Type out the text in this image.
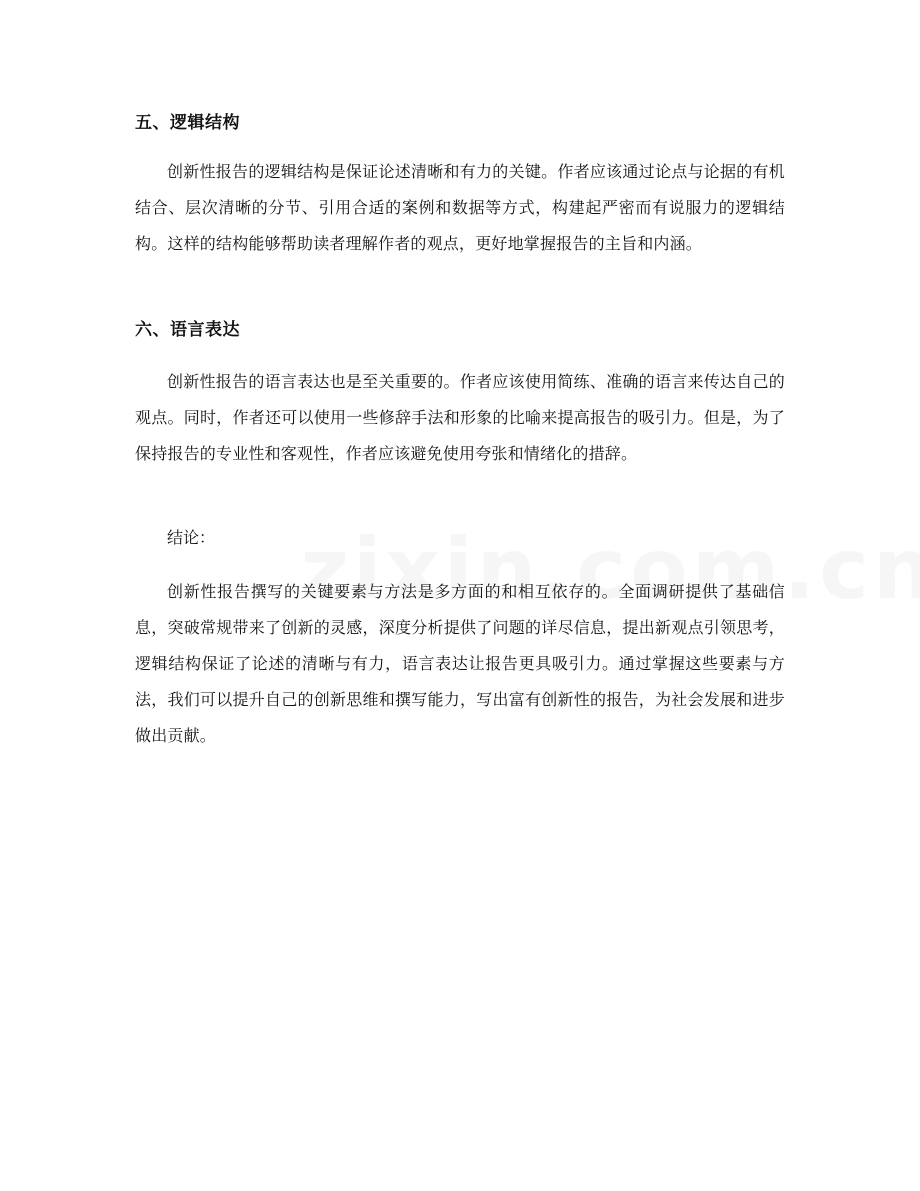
五、逻辑结构
创新性报告的逻辑结构是保证论述清晰和有力的关键。作者应该通过论点与论据的有机结合、层次清晰的分节、引用合适的案例和数据等方式，构建起严密而有说服力的逻辑结构。这样的结构能够帮助读者理解作者的观点，更好地掌握报告的主旨和内涵。
六、语言表达
创新性报告的语言表达也是至关重要的。作者应该使用简练、准确的语言来传达自己的观点。同时，作者还可以使用一些修辞手法和形象的比喻来提高报告的吸引力。但是，为了保持报告的专业性和客观性，作者应该避免使用夸张和情绪化的措辞。
结论：
创新性报告撰写的关键要素与方法是多方面的和相互依存的。全面调研提供了基础信息，突破常规带来了创新的灵感，深度分析提供了问题的详尽信息，提出新观点引领思考，逻辑结构保证了论述的清晰与有力，语言表达让报告更具吸引力。通过掌握这些要素与方法，我们可以提升自己的创新思维和撰写能力，写出富有创新性的报告，为社会发展和进步做出贡献。
